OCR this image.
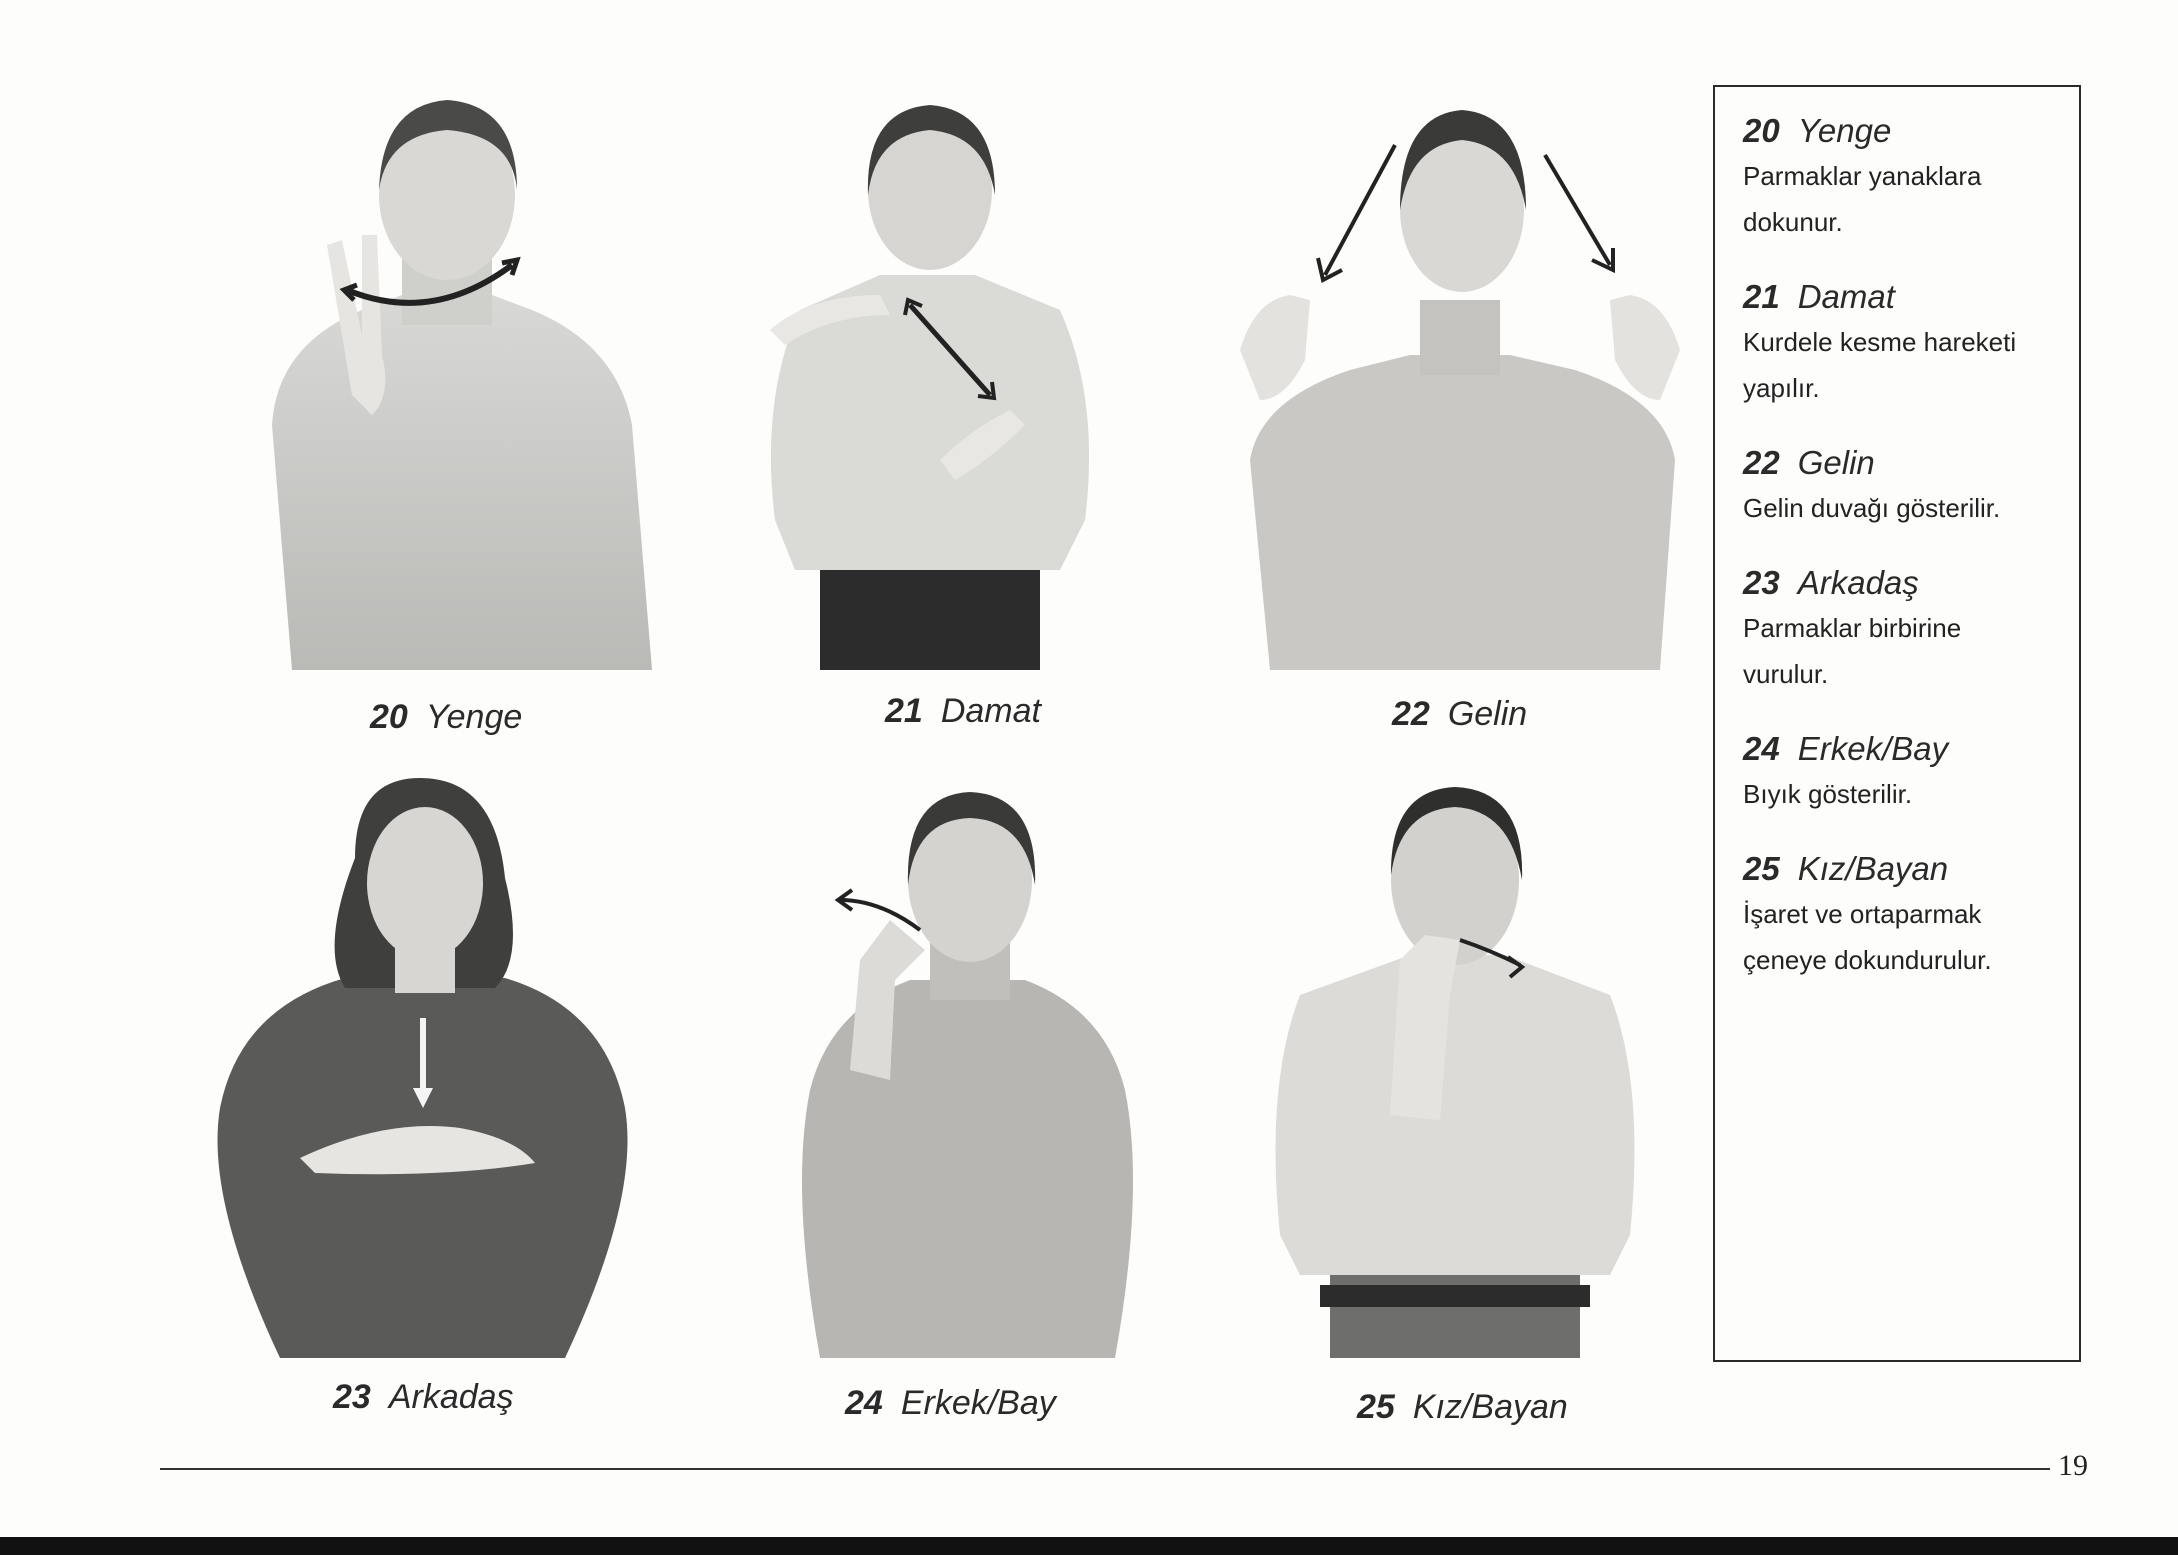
20 Yenge	21 Damat	22 Gelin
23 Arkadaş	24 Erkek/Bay	25 Kız/Bayan
20 Yenge
Parmaklar yanaklara
dokunur.
21 Damat
Kurdele kesme hareketi
yapılır.
22 Gelin
Gelin duvağı gösterilir.
23 Arkadaş
Parmaklar birbirine
vurulur.
24 Erkek/Bay
Bıyık gösterilir.
25 Kız/Bayan
İşaret ve ortaparmak
çeneye dokundurulur.
19
